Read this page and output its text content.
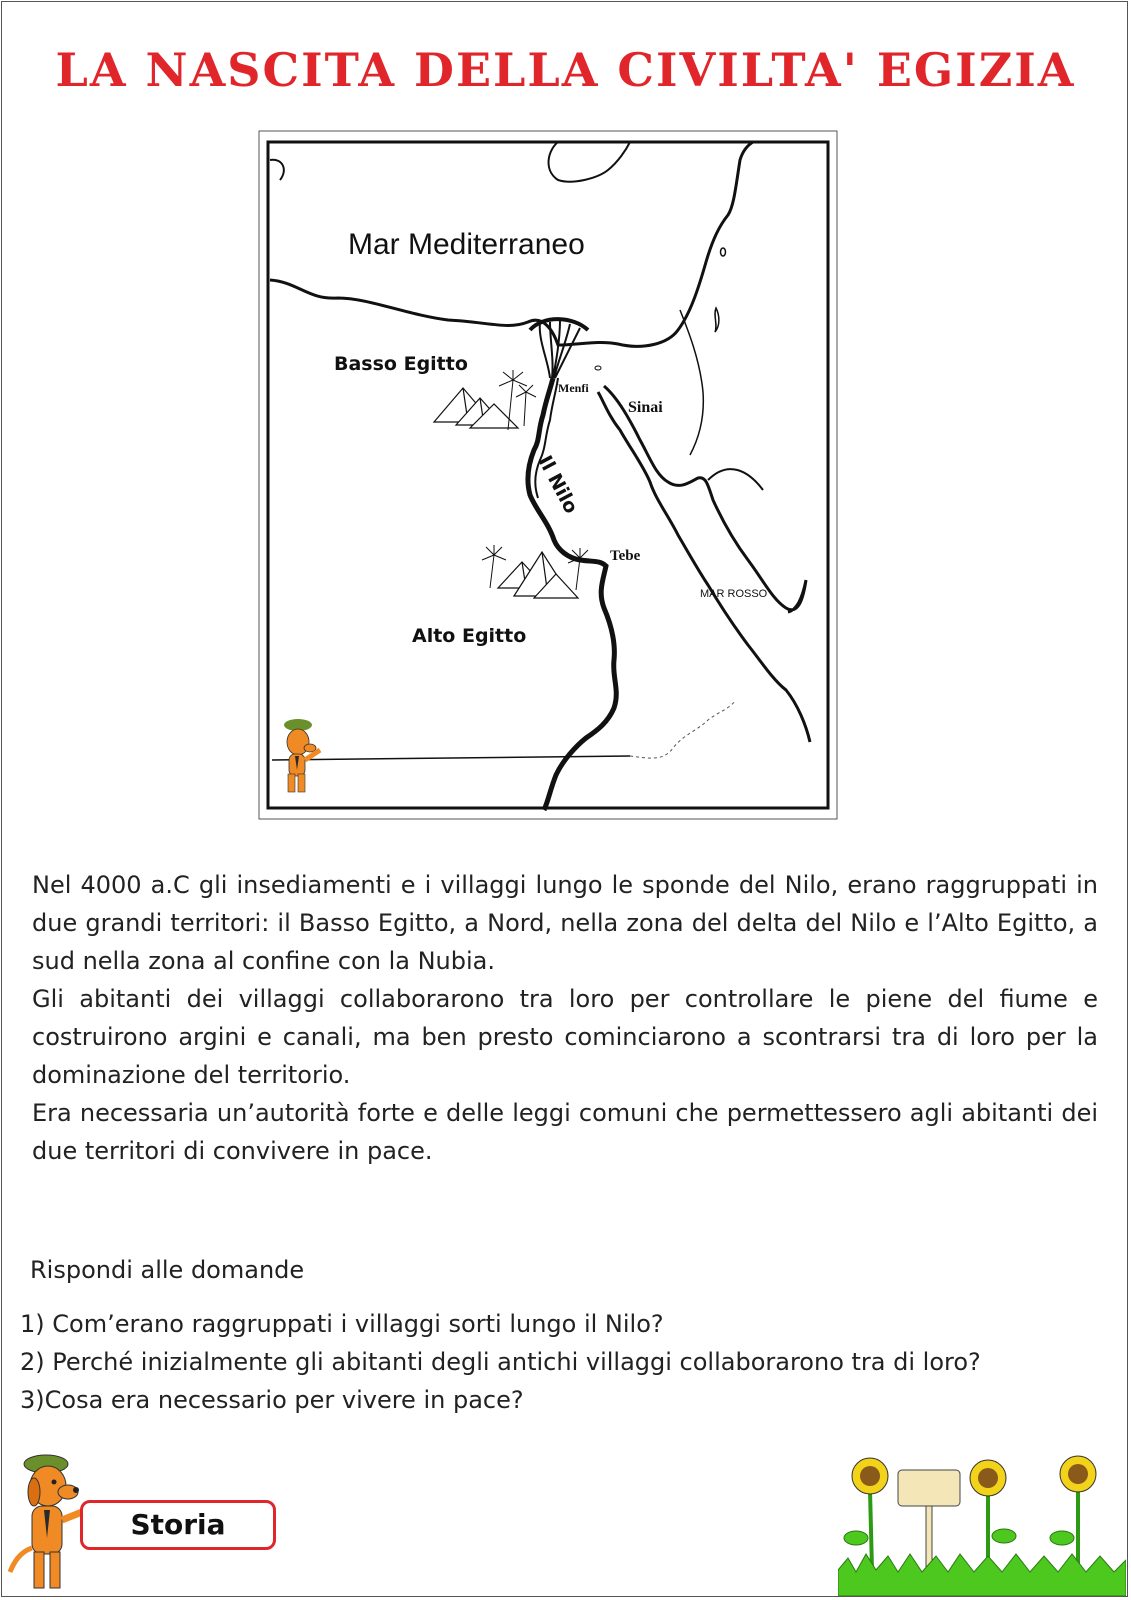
LA NASCITA DELLA CIVILTA' EGIZIA
Mar Mediterraneo
Basso Egitto
Alto Egitto
Il Nilo
Menfi
Tebe
Sinai
MAR ROSSO

Nel 4000 a.C gli insediamenti e i villaggi lungo le sponde del Nilo, erano raggruppati in due grandi territori: il Basso Egitto, a Nord, nella zona del delta del Nilo e l’Alto Egitto, a sud nella zona al confine con la Nubia.

Gli abitanti dei villaggi collaborarono tra loro per controllare le piene del fiume e costruirono argini e canali, ma ben presto cominciarono a scontrarsi tra di loro per la dominazione del territorio.

Era necessaria un’autorità forte e delle leggi comuni che permettessero agli abitanti dei due territori di convivere in pace.

Rispondi alle domande
1) Com’erano raggruppati i villaggi sorti lungo il Nilo?
2) Perché inizialmente gli abitanti degli antichi villaggi collaborarono tra di loro?
3)Cosa era necessario per vivere in pace?
Storia
